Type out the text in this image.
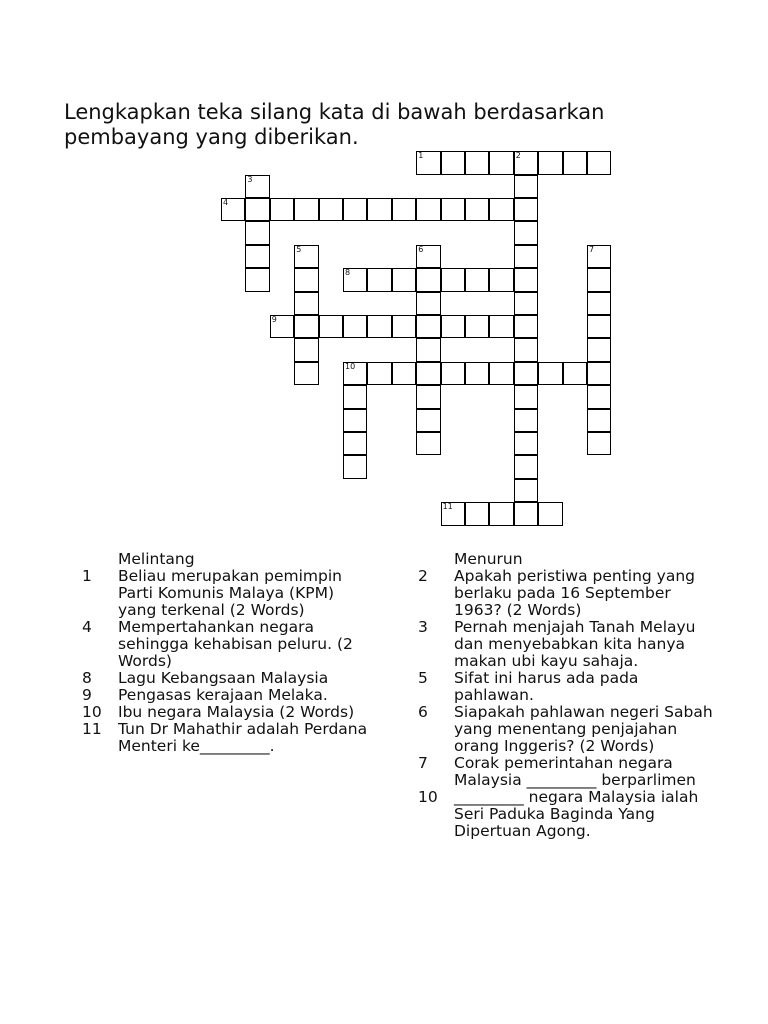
Lengkapkan teka silang kata di bawah berdasarkan pembayang yang diberikan.
1	2
3
4
5	6	7
8
9
10
11
Melintang
1	Beliau merupakan pemimpin Parti Komunis Malaya (KPM) yang terkenal (2 Words)
4	Mempertahankan negara sehingga kehabisan peluru. (2 Words)
8	Lagu Kebangsaan Malaysia
9	Pengasas kerajaan Melaka.
10	Ibu negara Malaysia (2 Words)
11	Tun Dr Mahathir adalah Perdana Menteri ke_________.
Menurun
2	Apakah peristiwa penting yang berlaku pada 16 September 1963? (2 Words)
3	Pernah menjajah Tanah Melayu dan menyebabkan kita hanya makan ubi kayu sahaja.
5	Sifat ini harus ada pada pahlawan.
6	Siapakah pahlawan negeri Sabah yang menentang penjajahan orang Inggeris? (2 Words)
7	Corak pemerintahan negara Malaysia _________ berparlimen
10	_________ negara Malaysia ialah Seri Paduka Baginda Yang Dipertuan Agong.
